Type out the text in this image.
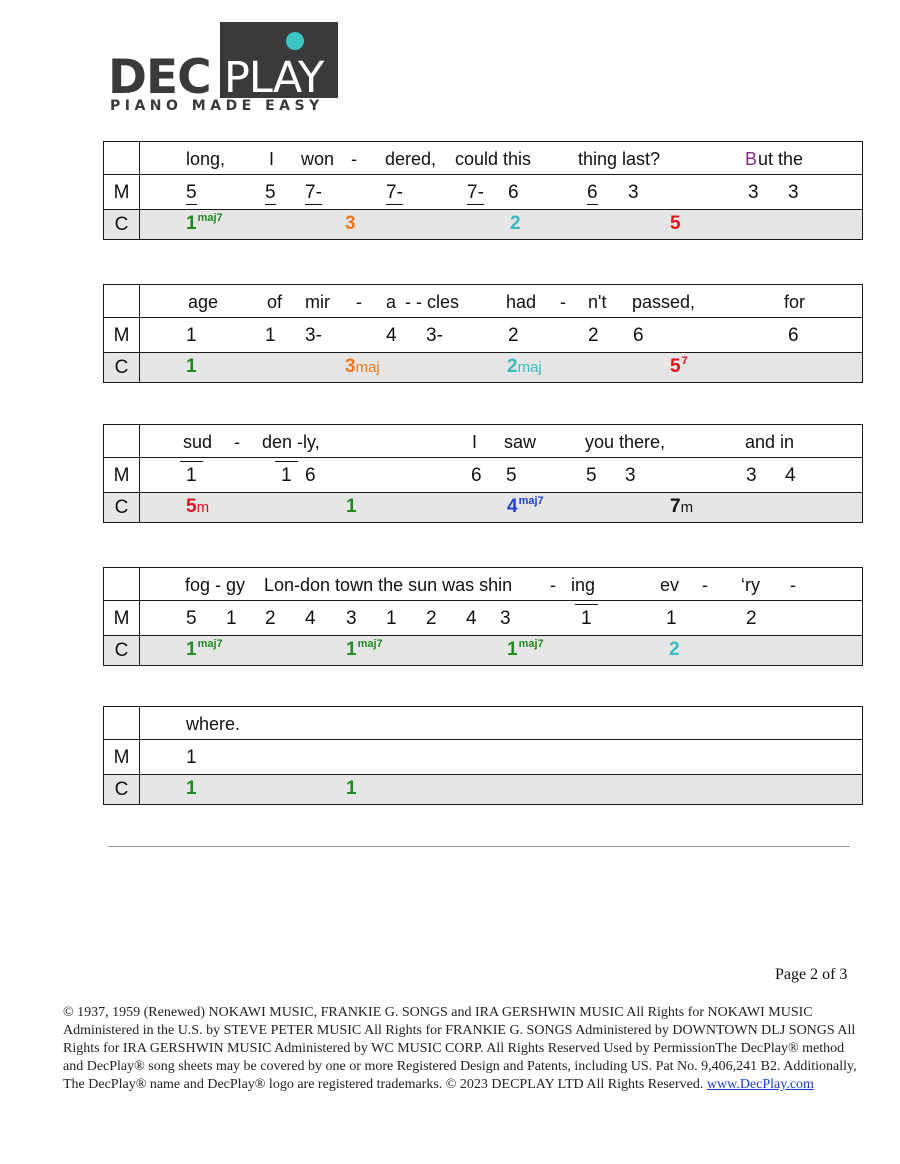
DEC PLAY
PIANO MADE EASY
long, I won - dered, could this	thing last?	B ut the
M	5	5 7-	7-	7- 6	6 3	3 3
C	$1^{maj7}$	3	2	5
age	of mir - a - - cles	had - n't passed,	for
M	1	1 3-	4 3-	2	2 6	6
C	1	3maj	2maj	$5^7$
sud - den -ly,	I saw	you there,	and in
M	1	1 6	6 5	5 3	3 4
C	5m	1	$4^{maj7}$	7m
fog - gy Lon-don town the sun was shin - ing	ev - ‘ry -
M	5 1 2 4 3 1 2 4 3	1	1	2
C	$1^{maj7}$	$1^{maj7}$	$1^{maj7}$	2
where.
M	1
C	1	1
Page 2 of 3
© 1937, 1959 (Renewed) NOKAWI MUSIC, FRANKIE G. SONGS and IRA GERSHWIN MUSIC All Rights for NOKAWI MUSIC Administered in the U.S. by STEVE PETER MUSIC All Rights for FRANKIE G. SONGS Administered by DOWNTOWN DLJ SONGS All Rights for IRA GERSHWIN MUSIC Administered by WC MUSIC CORP. All Rights Reserved Used by PermissionThe DecPlay® method and DecPlay® song sheets may be covered by one or more Registered Design and Patents, including US. Pat No. 9,406,241 B2. Additionally, The DecPlay® name and DecPlay® logo are registered trademarks. © 2023 DECPLAY LTD All Rights Reserved. www.DecPlay.com
